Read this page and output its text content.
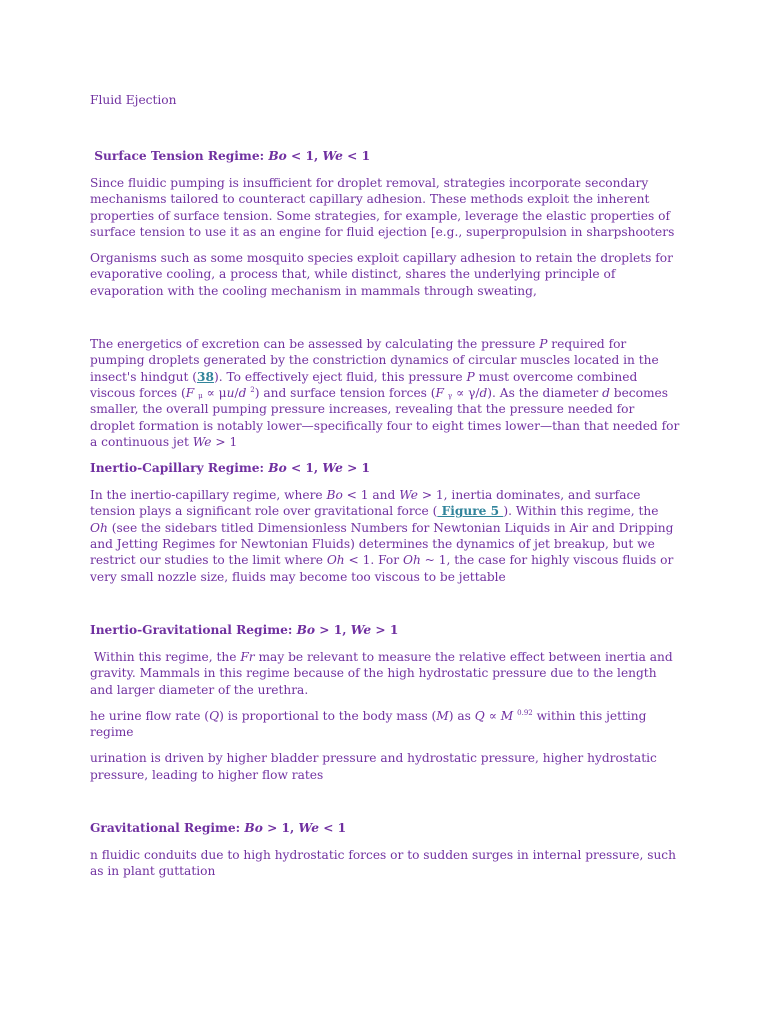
Fluid Ejection
Surface Tension Regime: Bo < 1, We < 1

Since fluidic pumping is insufficient for droplet removal, strategies incorporate secondary mechanisms tailored to counteract capillary adhesion. These methods exploit the inherent properties of surface tension. Some strategies, for example, leverage the elastic properties of surface tension to use it as an engine for fluid ejection [e.g., superpropulsion in sharpshooters

Organisms such as some mosquito species exploit capillary adhesion to retain the droplets for evaporative cooling, a process that, while distinct, shares the underlying principle of evaporation with the cooling mechanism in mammals through sweating,

The energetics of excretion can be assessed by calculating the pressure P required for pumping droplets generated by the constriction dynamics of circular muscles located in the insect's hindgut (38). To effectively eject fluid, this pressure P must overcome combined viscous forces (F $_\mu$ ∝ μu/d $^2$) and surface tension forces (F $_\gamma$ ∝ γ/d). As the diameter d becomes smaller, the overall pumping pressure increases, revealing that the pressure needed for droplet formation is notably lower—specifically four to eight times lower—than that needed for a continuous jet We > 1

Inertio-Capillary Regime: Bo < 1, We > 1

In the inertio-capillary regime, where Bo < 1 and We > 1, inertia dominates, and surface tension plays a significant role over gravitational force ( Figure 5 ). Within this regime, the Oh (see the sidebars titled Dimensionless Numbers for Newtonian Liquids in Air and Dripping and Jetting Regimes for Newtonian Fluids) determines the dynamics of jet breakup, but we restrict our studies to the limit where Oh < 1. For Oh ~ 1, the case for highly viscous fluids or very small nozzle size, fluids may become too viscous to be jettable

Inertio-Gravitational Regime: Bo > 1, We > 1

Within this regime, the Fr may be relevant to measure the relative effect between inertia and gravity. Mammals in this regime because of the high hydrostatic pressure due to the length and larger diameter of the urethra.

he urine flow rate (Q) is proportional to the body mass (M) as Q ∝ M $^{0.92}$ within this jetting regime

urination is driven by higher bladder pressure and hydrostatic pressure, higher hydrostatic pressure, leading to higher flow rates

Gravitational Regime: Bo > 1, We < 1

n fluidic conduits due to high hydrostatic forces or to sudden surges in internal pressure, such as in plant guttation
